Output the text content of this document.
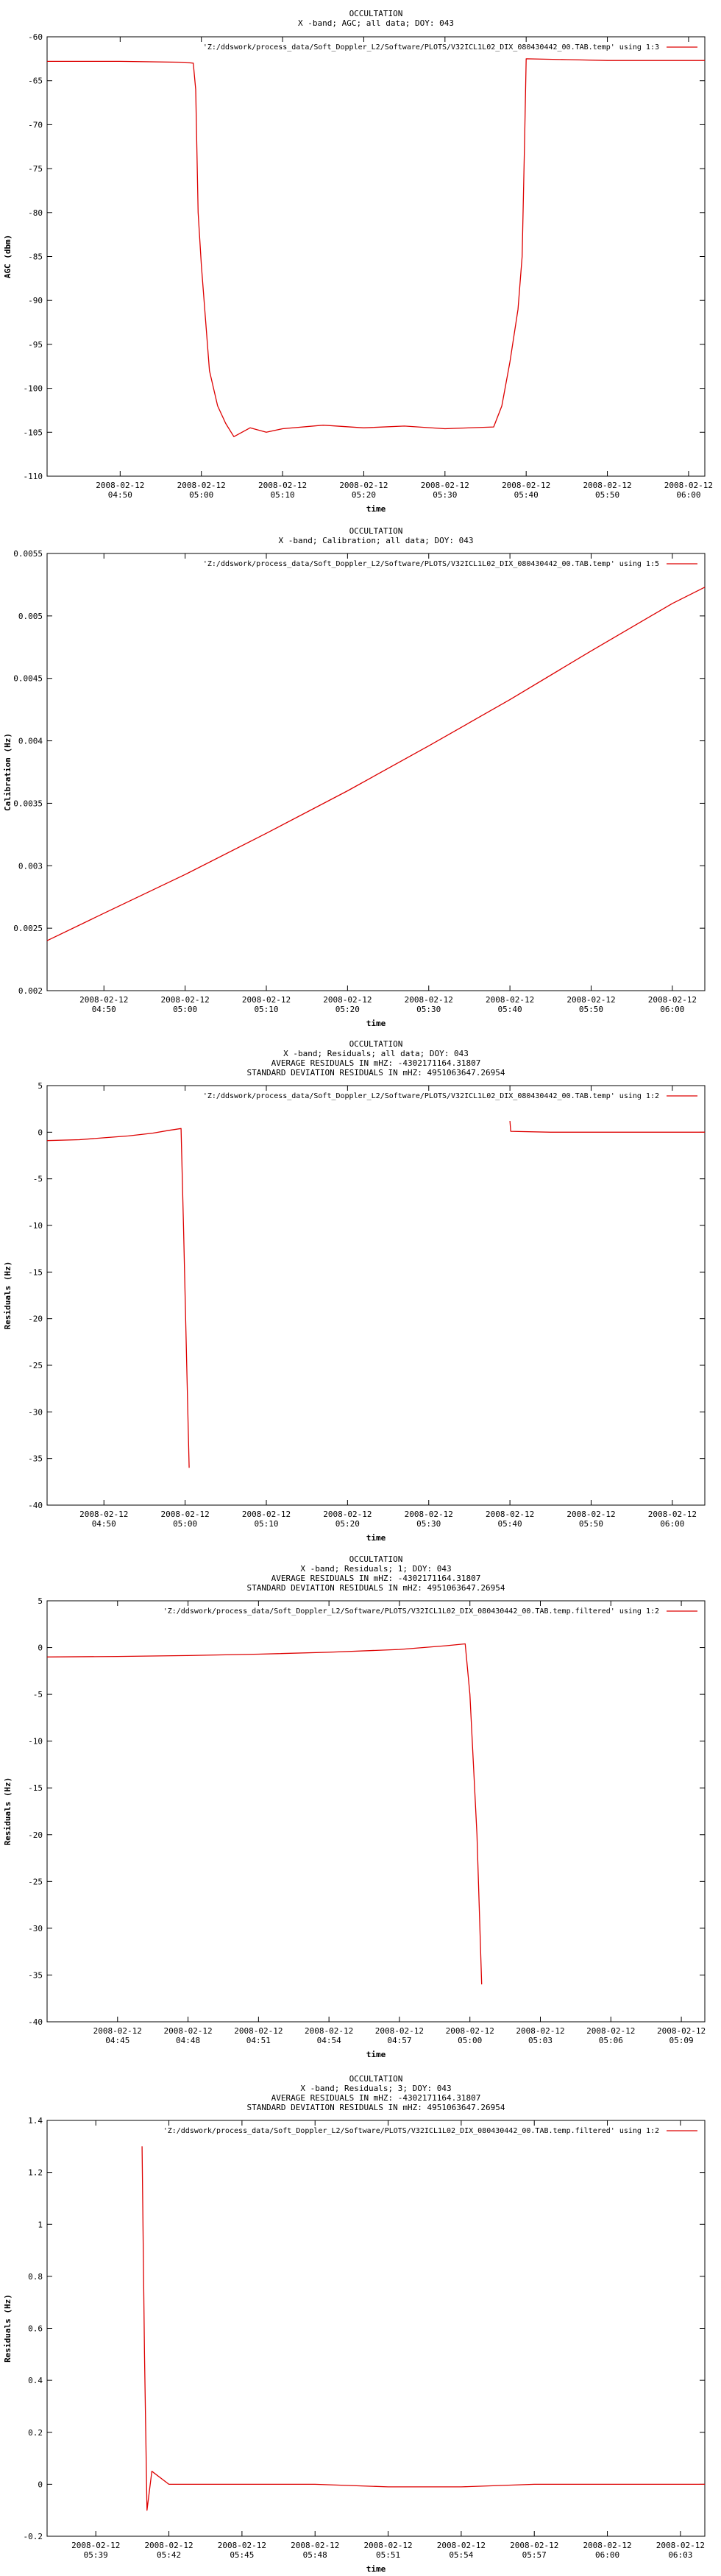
OCCULTATION
X -band; AGC; all data; DOY: 043
-110
-105
-100
-95
-90
-85
-80
-75
-70
-65
-60
2008-02-12
04:50
2008-02-12
05:00
2008-02-12
05:10
2008-02-12
05:20
2008-02-12
05:30
2008-02-12
05:40
2008-02-12
05:50
2008-02-12
06:00
time
AGC (dbm)
'Z:/ddswork/process_data/Soft_Doppler_L2/Software/PLOTS/V32ICL1L02_DIX_080430442_00.TAB.temp' using 1:3
OCCULTATION
X -band; Calibration; all data; DOY: 043
0.002
0.0025
0.003
0.0035
0.004
0.0045
0.005
0.0055
2008-02-12
04:50
2008-02-12
05:00
2008-02-12
05:10
2008-02-12
05:20
2008-02-12
05:30
2008-02-12
05:40
2008-02-12
05:50
2008-02-12
06:00
time
Calibration (Hz)
'Z:/ddswork/process_data/Soft_Doppler_L2/Software/PLOTS/V32ICL1L02_DIX_080430442_00.TAB.temp' using 1:5
OCCULTATION
X -band; Residuals; all data; DOY: 043
AVERAGE RESIDUALS IN mHZ: -4302171164.31807
STANDARD DEVIATION RESIDUALS IN mHZ: 4951063647.26954
-40
-35
-30
-25
-20
-15
-10
-5
0
5
2008-02-12
04:50
2008-02-12
05:00
2008-02-12
05:10
2008-02-12
05:20
2008-02-12
05:30
2008-02-12
05:40
2008-02-12
05:50
2008-02-12
06:00
time
Residuals (Hz)
'Z:/ddswork/process_data/Soft_Doppler_L2/Software/PLOTS/V32ICL1L02_DIX_080430442_00.TAB.temp' using 1:2
OCCULTATION
X -band; Residuals; 1; DOY: 043
AVERAGE RESIDUALS IN mHZ: -4302171164.31807
STANDARD DEVIATION RESIDUALS IN mHZ: 4951063647.26954
-40
-35
-30
-25
-20
-15
-10
-5
0
5
2008-02-12
04:45
2008-02-12
04:48
2008-02-12
04:51
2008-02-12
04:54
2008-02-12
04:57
2008-02-12
05:00
2008-02-12
05:03
2008-02-12
05:06
2008-02-12
05:09
time
Residuals (Hz)
'Z:/ddswork/process_data/Soft_Doppler_L2/Software/PLOTS/V32ICL1L02_DIX_080430442_00.TAB.temp.filtered' using 1:2
OCCULTATION
X -band; Residuals; 3; DOY: 043
AVERAGE RESIDUALS IN mHZ: -4302171164.31807
STANDARD DEVIATION RESIDUALS IN mHZ: 4951063647.26954
-0.2
0
0.2
0.4
0.6
0.8
1
1.2
1.4
2008-02-12
05:39
2008-02-12
05:42
2008-02-12
05:45
2008-02-12
05:48
2008-02-12
05:51
2008-02-12
05:54
2008-02-12
05:57
2008-02-12
06:00
2008-02-12
06:03
time
Residuals (Hz)
'Z:/ddswork/process_data/Soft_Doppler_L2/Software/PLOTS/V32ICL1L02_DIX_080430442_00.TAB.temp.filtered' using 1:2
